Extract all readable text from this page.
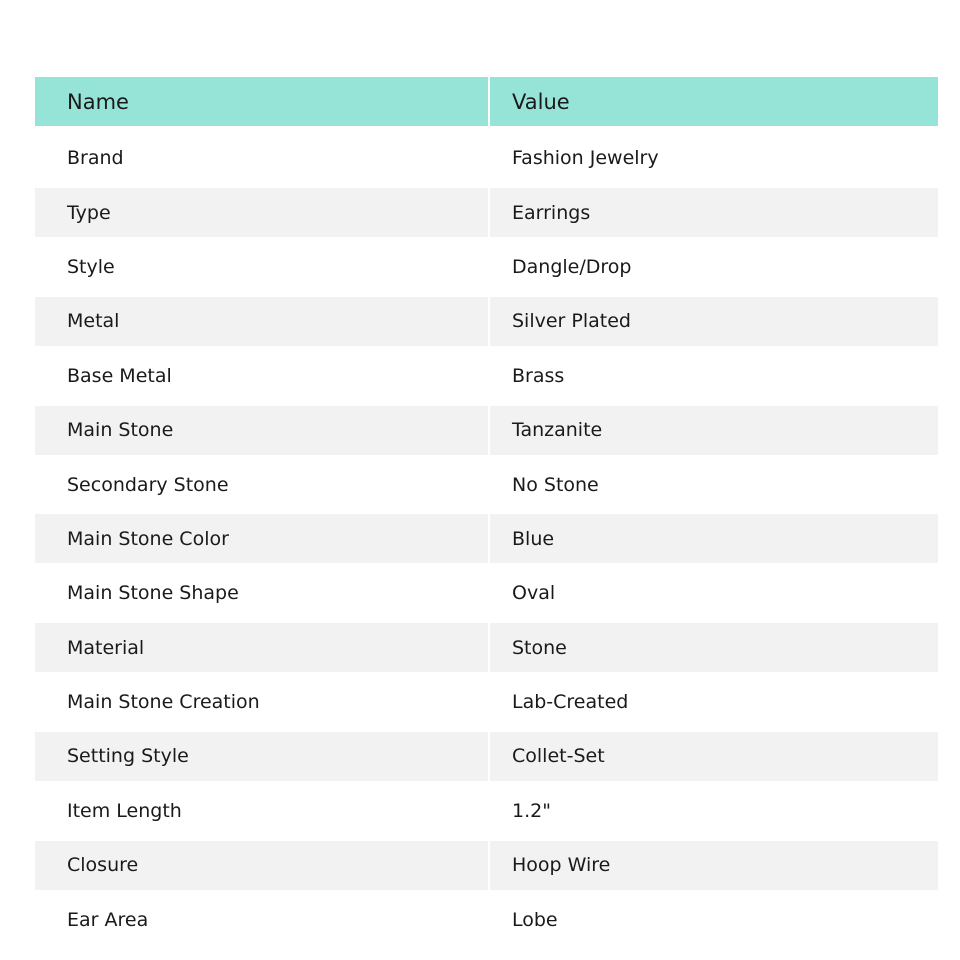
Name	Value
Brand	Fashion Jewelry
Type	Earrings
Style	Dangle/Drop
Metal	Silver Plated
Base Metal	Brass
Main Stone	Tanzanite
Secondary Stone	No Stone
Main Stone Color	Blue
Main Stone Shape	Oval
Material	Stone
Main Stone Creation	Lab-Created
Setting Style	Collet-Set
Item Length	1.2"
Closure	Hoop Wire
Ear Area	Lobe
